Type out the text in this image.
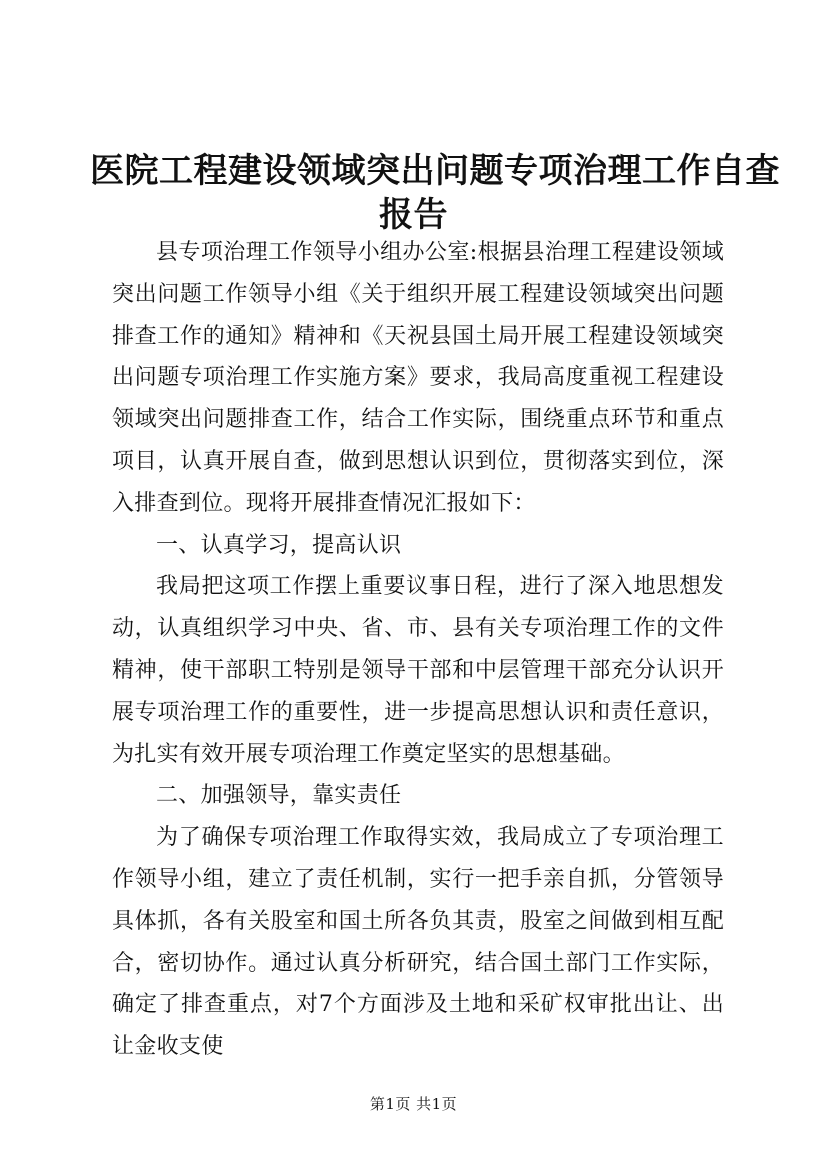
医院工程建设领域突出问题专项治理工作自查
报告

县专项治理工作领导小组办公室:根据县治理工程建设领域突出问题工作领导小组《关于组织开展工程建设领域突出问题排查工作的通知》精神和《天祝县国土局开展工程建设领域突出问题专项治理工作实施方案》要求，我局高度重视工程建设领域突出问题排查工作，结合工作实际，围绕重点环节和重点项目，认真开展自查，做到思想认识到位，贯彻落实到位，深入排查到位。现将开展排查情况汇报如下：

一、认真学习，提高认识

我局把这项工作摆上重要议事日程，进行了深入地思想发动，认真组织学习中央、省、市、县有关专项治理工作的文件精神，使干部职工特别是领导干部和中层管理干部充分认识开展专项治理工作的重要性，进一步提高思想认识和责任意识，为扎实有效开展专项治理工作奠定坚实的思想基础。

二、加强领导，靠实责任

为了确保专项治理工作取得实效，我局成立了专项治理工作领导小组，建立了责任机制，实行一把手亲自抓，分管领导具体抓，各有关股室和国土所各负其责，股室之间做到相互配合，密切协作。通过认真分析研究，结合国土部门工作实际，确定了排查重点，对7个方面涉及土地和采矿权审批出让、出让金收支使

第1页 共1页
